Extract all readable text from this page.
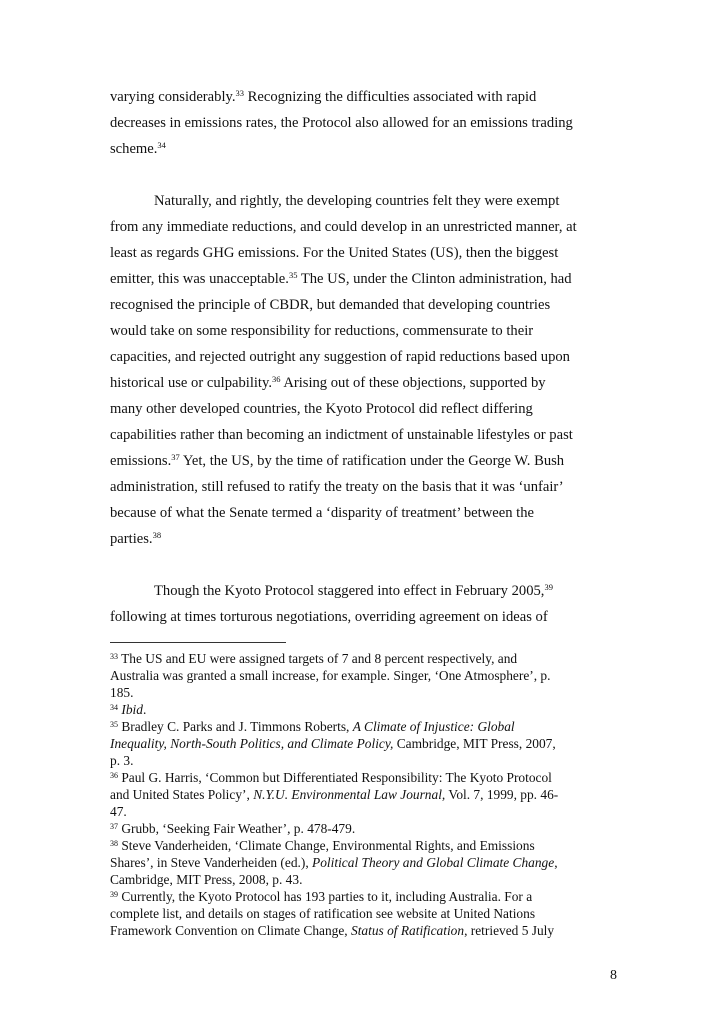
varying considerably.$^{33}$ Recognizing the difficulties associated with rapid
decreases in emissions rates, the Protocol also allowed for an emissions trading
scheme.$^{34}$
Naturally, and rightly, the developing countries felt they were exempt
from any immediate reductions, and could develop in an unrestricted manner, at
least as regards GHG emissions. For the United States (US), then the biggest
emitter, this was unacceptable.$^{35}$ The US, under the Clinton administration, had
recognised the principle of CBDR, but demanded that developing countries
would take on some responsibility for reductions, commensurate to their
capacities, and rejected outright any suggestion of rapid reductions based upon
historical use or culpability.$^{36}$ Arising out of these objections, supported by
many other developed countries, the Kyoto Protocol did reflect differing
capabilities rather than becoming an indictment of unstainable lifestyles or past
emissions.$^{37}$ Yet, the US, by the time of ratification under the George W. Bush
administration, still refused to ratify the treaty on the basis that it was ‘unfair’
because of what the Senate termed a ‘disparity of treatment’ between the
parties.$^{38}$
Though the Kyoto Protocol staggered into effect in February 2005,39
following at times torturous negotiations, overriding agreement on ideas of
$^{33}$ The US and EU were assigned targets of 7 and 8 percent respectively, and
Australia was granted a small increase, for example. Singer, ‘One Atmosphere’, p.
185.
$^{34}$ Ibid.
$^{35}$ Bradley C. Parks and J. Timmons Roberts, A Climate of Injustice: Global
Inequality, North-South Politics, and Climate Policy, Cambridge, MIT Press, 2007,
p. 3.
$^{36}$ Paul G. Harris, ‘Common but Differentiated Responsibility: The Kyoto Protocol
and United States Policy’, N.Y.U. Environmental Law Journal, Vol. 7, 1999, pp. 46-
47.
$^{37}$ Grubb, ‘Seeking Fair Weather’, p. 478-479.
$^{38}$ Steve Vanderheiden, ‘Climate Change, Environmental Rights, and Emissions
Shares’, in Steve Vanderheiden (ed.), Political Theory and Global Climate Change,
Cambridge, MIT Press, 2008, p. 43.
$^{39}$ Currently, the Kyoto Protocol has 193 parties to it, including Australia. For a
complete list, and details on stages of ratification see website at United Nations
Framework Convention on Climate Change, Status of Ratification, retrieved 5 July
8
